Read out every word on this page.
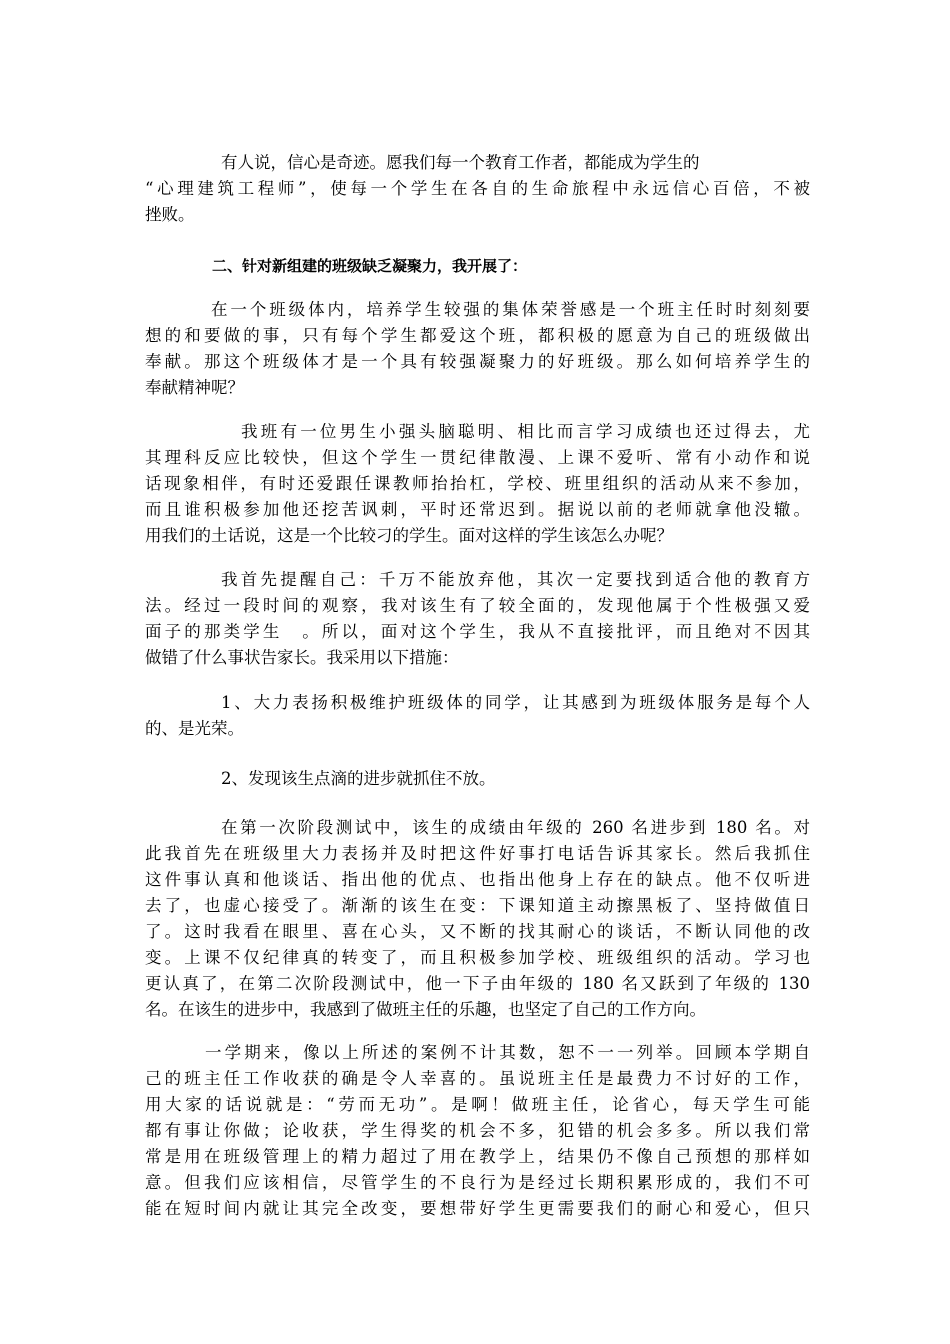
有人说，信心是奇迹。愿我们每一个教育工作者，都能成为学生的
“心理建筑工程师”，使每一个学生在各自的生命旅程中永远信心百倍，不被
挫败。
二、针对新组建的班级缺乏凝聚力，我开展了：
在一个班级体内，培养学生较强的集体荣誉感是一个班主任时时刻刻要
想的和要做的事，只有每个学生都爱这个班，都积极的愿意为自己的班级做出
奉献。那这个班级体才是一个具有较强凝聚力的好班级。那么如何培养学生的
奉献精神呢？
我班有一位男生小强头脑聪明、相比而言学习成绩也还过得去，尤
其理科反应比较快，但这个学生一贯纪律散漫、上课不爱听、常有小动作和说
话现象相伴，有时还爱跟任课教师抬抬杠，学校、班里组织的活动从来不参加，
而且谁积极参加他还挖苦讽刺，平时还常迟到。据说以前的老师就拿他没辙。
用我们的土话说，这是一个比较刁的学生。面对这样的学生该怎么办呢？
我首先提醒自己：千万不能放弃他，其次一定要找到适合他的教育方
法。经过一段时间的观察，我对该生有了较全面的，发现他属于个性极强又爱
面子的那类学生　。所以，面对这个学生，我从不直接批评，而且绝对不因其
做错了什么事状告家长。我采用以下措施：
1、大力表扬积极维护班级体的同学，让其感到为班级体服务是每个人
的、是光荣。
2、发现该生点滴的进步就抓住不放。
在第一次阶段测试中，该生的成绩由年级的 260 名进步到 180 名。对
此我首先在班级里大力表扬并及时把这件好事打电话告诉其家长。然后我抓住
这件事认真和他谈话、指出他的优点、也指出他身上存在的缺点。他不仅听进
去了，也虚心接受了。渐渐的该生在变：下课知道主动擦黑板了、坚持做值日
了。这时我看在眼里、喜在心头，又不断的找其耐心的谈话，不断认同他的改
变。上课不仅纪律真的转变了，而且积极参加学校、班级组织的活动。学习也
更认真了，在第二次阶段测试中，他一下子由年级的 180 名又跃到了年级的 130
名。在该生的进步中，我感到了做班主任的乐趣，也坚定了自己的工作方向。
一学期来，像以上所述的案例不计其数，恕不一一列举。回顾本学期自
己的班主任工作收获的确是令人幸喜的。虽说班主任是最费力不讨好的工作，
用大家的话说就是：“劳而无功”。是啊！做班主任，论省心，每天学生可能
都有事让你做；论收获，学生得奖的机会不多，犯错的机会多多。所以我们常
常是用在班级管理上的精力超过了用在教学上，结果仍不像自己预想的那样如
意。但我们应该相信，尽管学生的不良行为是经过长期积累形成的，我们不可
能在短时间内就让其完全改变，要想带好学生更需要我们的耐心和爱心，但只
